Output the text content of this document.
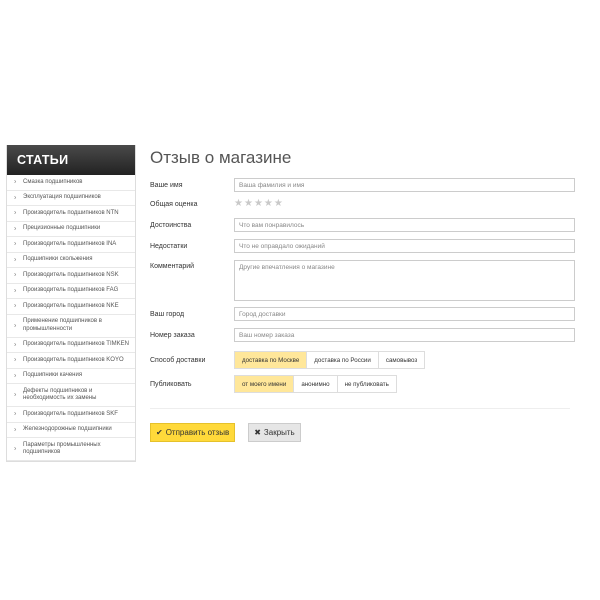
СТАТЬИ
› Смазка подшипников
› Эксплуатация подшипников
› Производитель подшипников NTN
› Прецизионные подшипники
› Производитель подшипников INA
› Подшипники скольжения
› Производитель подшипников NSK
› Производитель подшипников FAG
› Производитель подшипников NKE
›
Применение подшипников в промышленности
› Производитель подшипников TIMKEN
› Производитель подшипников KOYO
› Подшипники качения
›
Дефекты подшипников и необходимость их замены
› Производитель подшипников SKF
› Железнодорожные подшипники
›
Параметры промышленных подшипников
Отзыв о магазине
Ваше имя	Ваша фамилия и имя
Общая оценка	★ ★ ★ ★ ★
Достоинства	Что вам понравилось
Недостатки	Что не оправдало ожиданий
Комментарий	Другие впечатления о магазине
Ваш город	Город доставки
Номер заказа	Ваш номер заказа
Способ доставки	доставка по Москве	доставка по России	самовывоз
Публиковать	от моего имени	анонимно	не публиковать
✔ Отправить отзыв	✖ Закрыть
